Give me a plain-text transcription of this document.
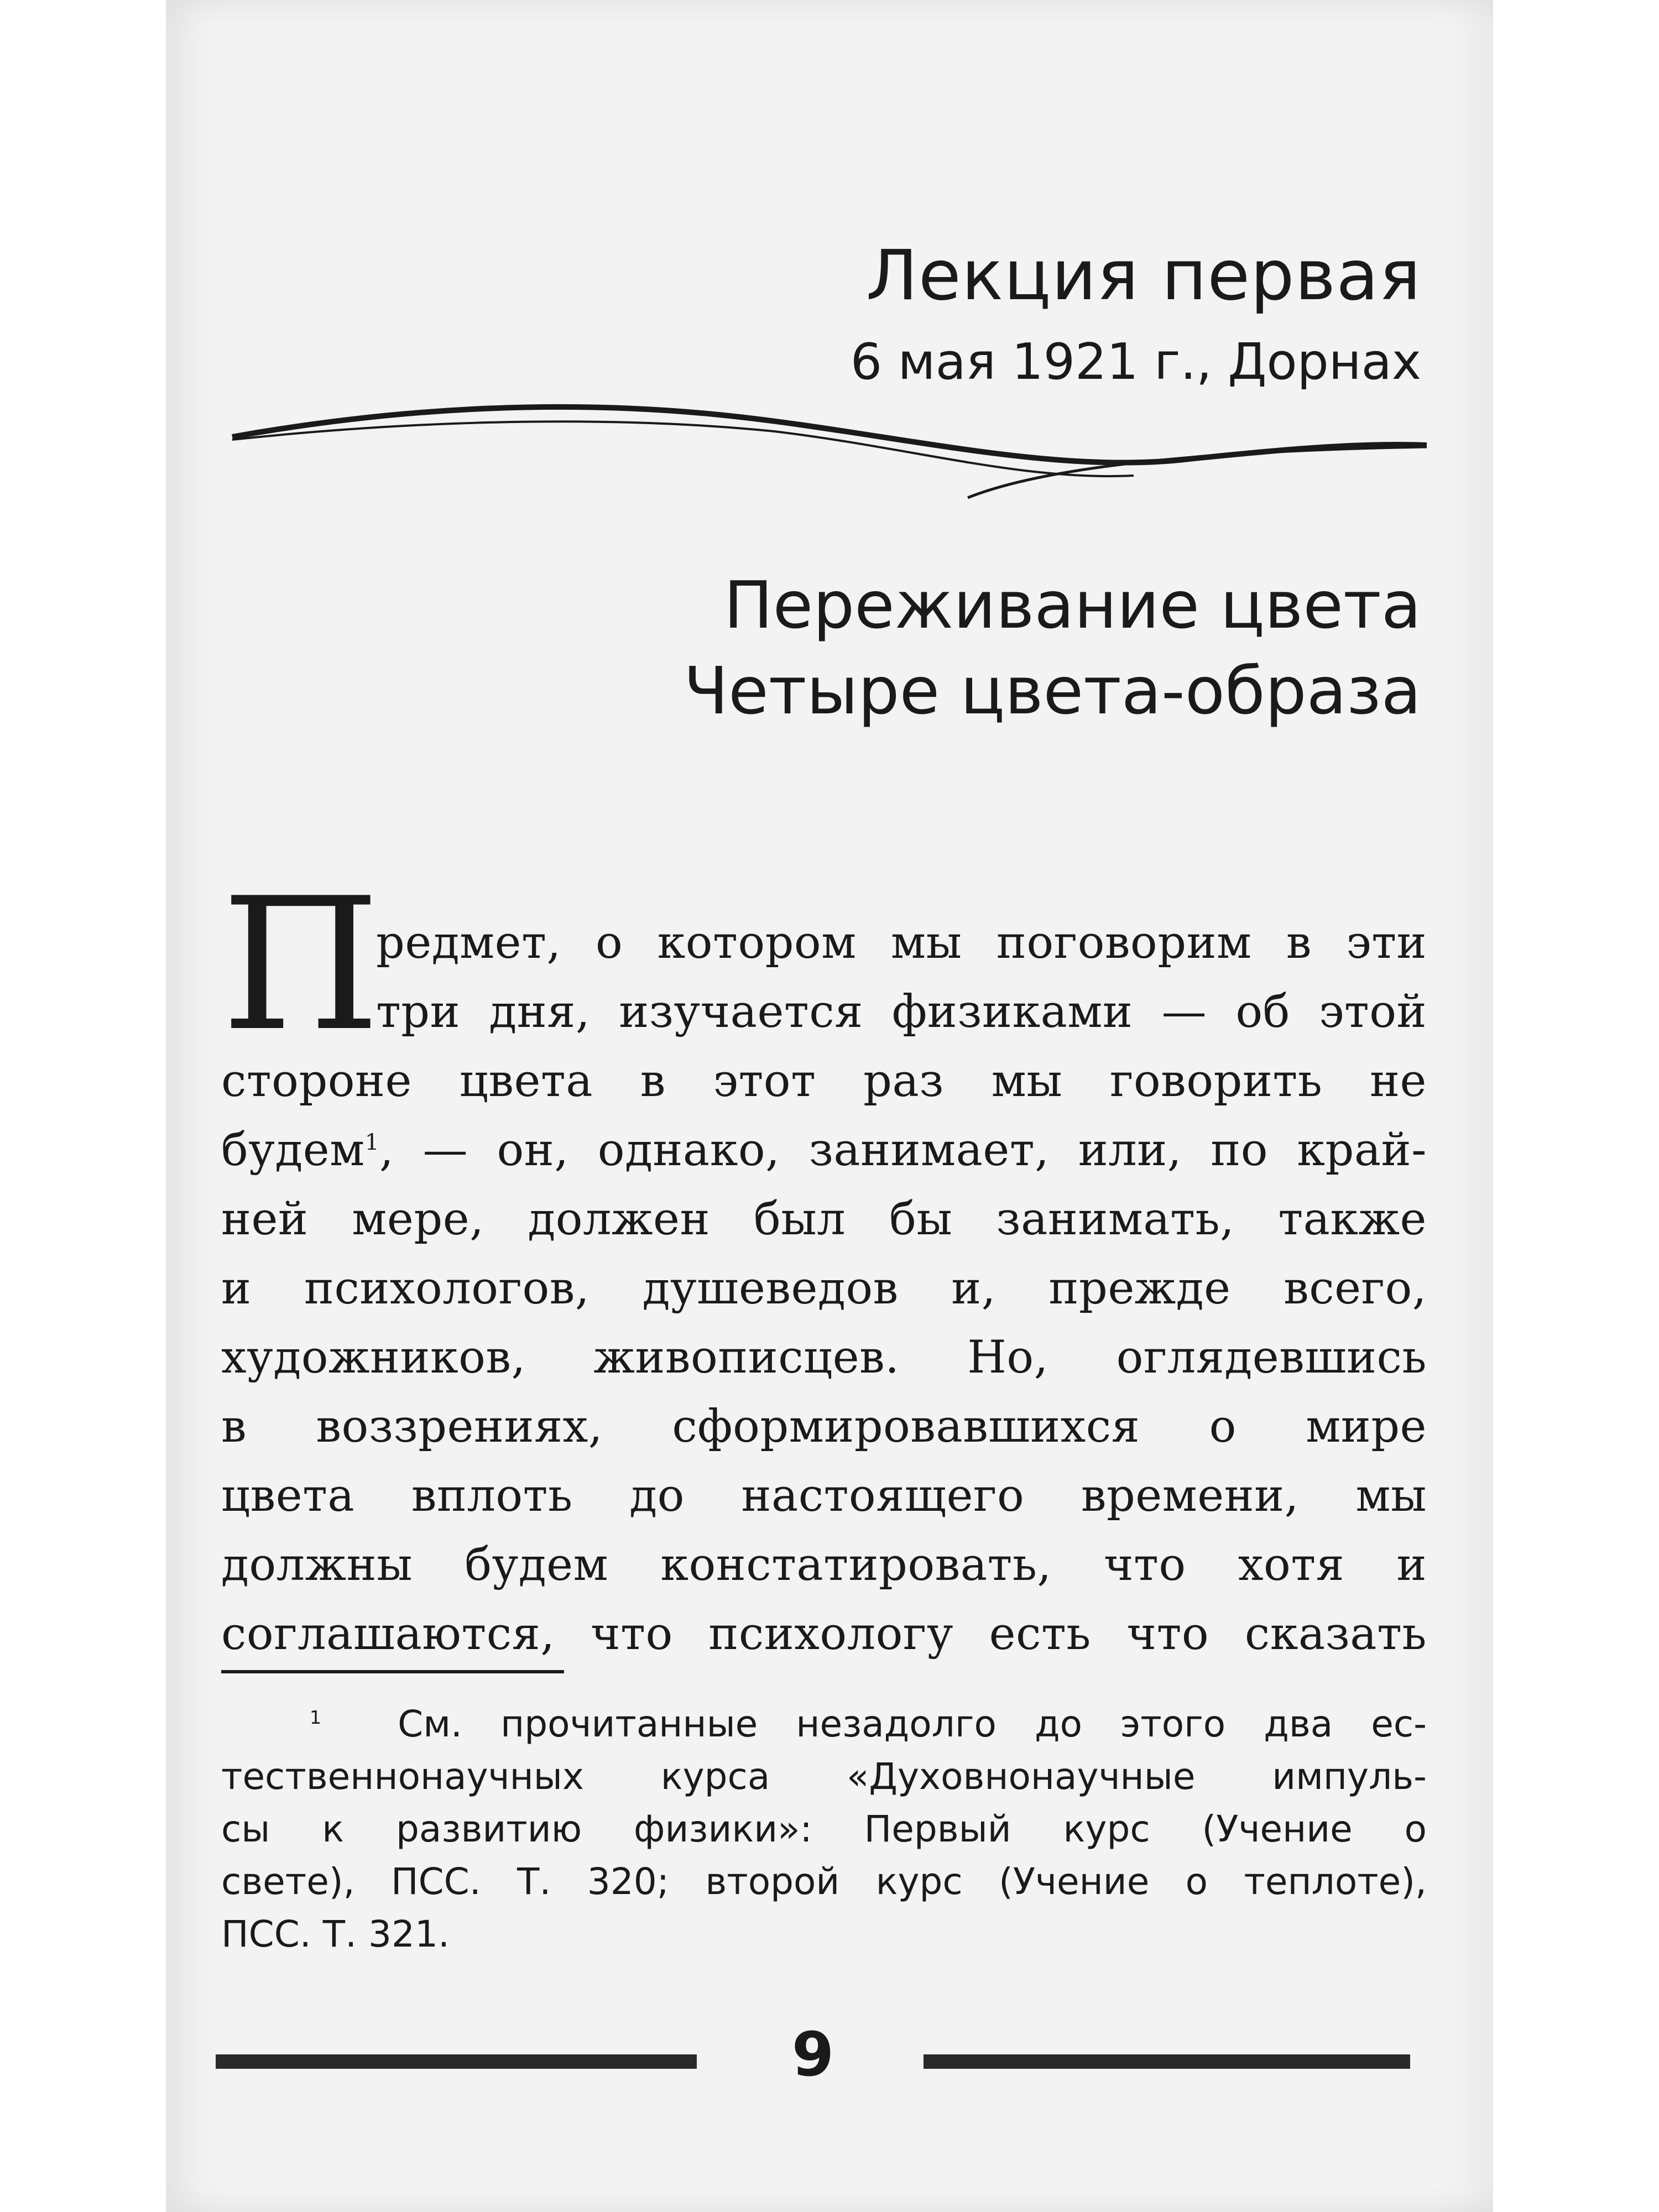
Лекция первая
6 мая 1921 г., Дорнах
Переживание цвета
Четыре цвета-образа
П
редмет, о котором мы поговорим в эти
три дня, изучается физиками — об этой
стороне цвета в этот раз мы говорить не
будем$^1$, — он, однако, занимает, или, по край-
ней мере, должен был бы занимать, также
и психологов, душеведов и, прежде всего,
художников, живописцев. Но, оглядевшись
в воззрениях, сформировавшихся о мире
цвета вплоть до настоящего времени, мы
должны будем констатировать, что хотя и
соглашаются, что психологу есть что сказать
$^1$ См. прочитанные незадолго до этого два ес-
тественнонаучных курса «Духовнонаучные импуль-
сы к развитию физики»: Первый курс (Учение о
свете), ПСС. Т. 320; второй курс (Учение о теплоте),
ПСС. Т. 321.
9
